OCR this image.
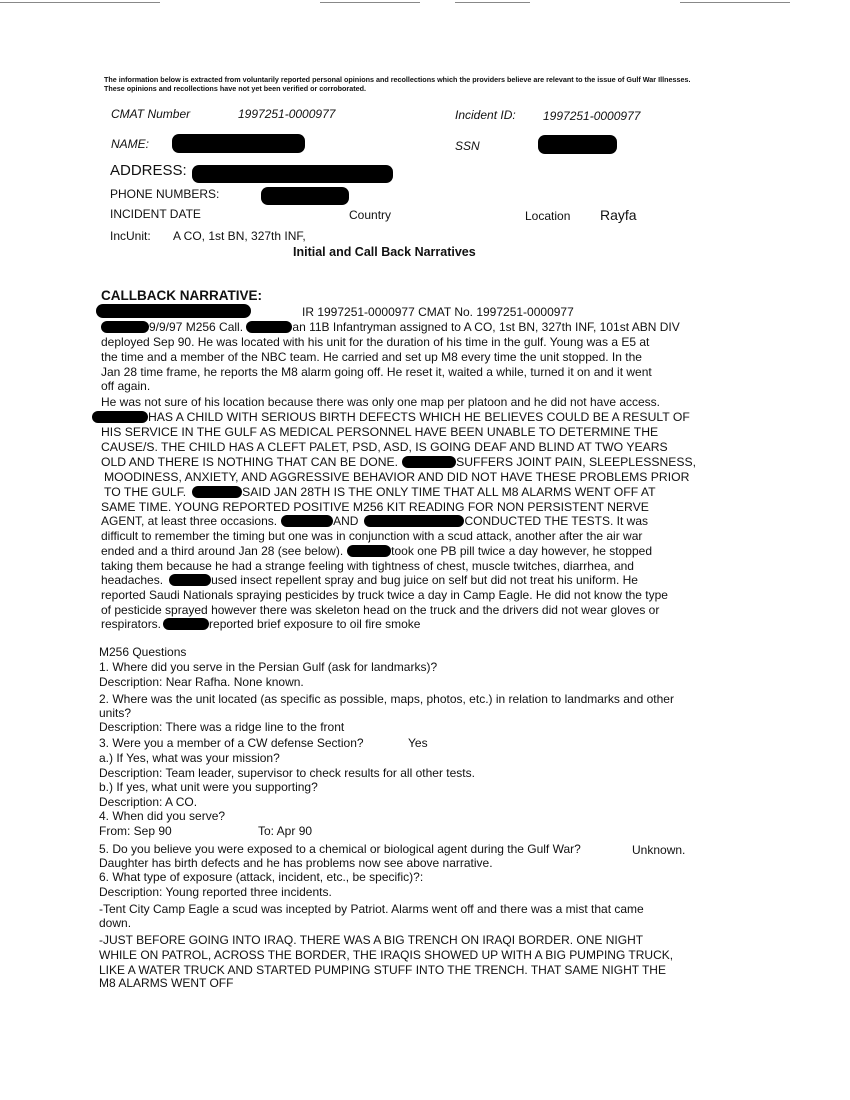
The information below is extracted from voluntarily reported personal opinions and recollections which the providers believe are relevant to the issue of Gulf War Illnesses. These opinions and recollections have not yet been verified or corroborated.
CMAT Number	1997251-0000977	Incident ID: 1997251-0000977
NAME:	SSN
ADDRESS:
PHONE NUMBERS:
INCIDENT DATE	Country	Location Rayfa
IncUnit: A CO, 1st BN, 327th INF,
Initial and Call Back Narratives
CALLBACK NARRATIVE:
IR 1997251-0000977 CMAT No. 1997251-0000977
9/9/97 M256 Call.	an 11B Infantryman assigned to A CO, 1st BN, 327th INF, 101st ABN DIV
deployed Sep 90. He was located with his unit for the duration of his time in the gulf. Young was a E5 at
the time and a member of the NBC team. He carried and set up M8 every time the unit stopped. In the
Jan 28 time frame, he reports the M8 alarm going off. He reset it, waited a while, turned it on and it went
off again.
He was not sure of his location because there was only one map per platoon and he did not have access.
HAS A CHILD WITH SERIOUS BIRTH DEFECTS WHICH HE BELIEVES COULD BE A RESULT OF
HIS SERVICE IN THE GULF AS MEDICAL PERSONNEL HAVE BEEN UNABLE TO DETERMINE THE
CAUSE/S. THE CHILD HAS A CLEFT PALET, PSD, ASD, IS GOING DEAF AND BLIND AT TWO YEARS
OLD AND THERE IS NOTHING THAT CAN BE DONE.	SUFFERS JOINT PAIN, SLEEPLESSNESS,
MOODINESS, ANXIETY, AND AGGRESSIVE BEHAVIOR AND DID NOT HAVE THESE PROBLEMS PRIOR
TO THE GULF.	SAID JAN 28TH IS THE ONLY TIME THAT ALL M8 ALARMS WENT OFF AT
SAME TIME. YOUNG REPORTED POSITIVE M256 KIT READING FOR NON PERSISTENT NERVE
AGENT, at least three occasions.	AND	CONDUCTED THE TESTS. It was
difficult to remember the timing but one was in conjunction with a scud attack, another after the air war
ended and a third around Jan 28 (see below).	took one PB pill twice a day however, he stopped
taking them because he had a strange feeling with tightness of chest, muscle twitches, diarrhea, and
headaches.	used insect repellent spray and bug juice on self but did not treat his uniform. He
reported Saudi Nationals spraying pesticides by truck twice a day in Camp Eagle. He did not know the type
of pesticide sprayed however there was skeleton head on the truck and the drivers did not wear gloves or
respirators.	reported brief exposure to oil fire smoke
M256 Questions
1. Where did you serve in the Persian Gulf (ask for landmarks)?
Description: Near Rafha. None known.
2. Where was the unit located (as specific as possible, maps, photos, etc.) in relation to landmarks and other
units?
Description: There was a ridge line to the front
3. Were you a member of a CW defense Section?	Yes
a.) If Yes, what was your mission?
Description: Team leader, supervisor to check results for all other tests.
b.) If yes, what unit were you supporting?
Description: A CO.
4. When did you serve?
From: Sep 90	To: Apr 90
5. Do you believe you were exposed to a chemical or biological agent during the Gulf War?	Unknown.
Daughter has birth defects and he has problems now see above narrative.
6. What type of exposure (attack, incident, etc., be specific)?:
Description: Young reported three incidents.
-Tent City Camp Eagle a scud was incepted by Patriot. Alarms went off and there was a mist that came
down.
-JUST BEFORE GOING INTO IRAQ. THERE WAS A BIG TRENCH ON IRAQI BORDER. ONE NIGHT
WHILE ON PATROL, ACROSS THE BORDER, THE IRAQIS SHOWED UP WITH A BIG PUMPING TRUCK,
LIKE A WATER TRUCK AND STARTED PUMPING STUFF INTO THE TRENCH. THAT SAME NIGHT THE
M8 ALARMS WENT OFF
